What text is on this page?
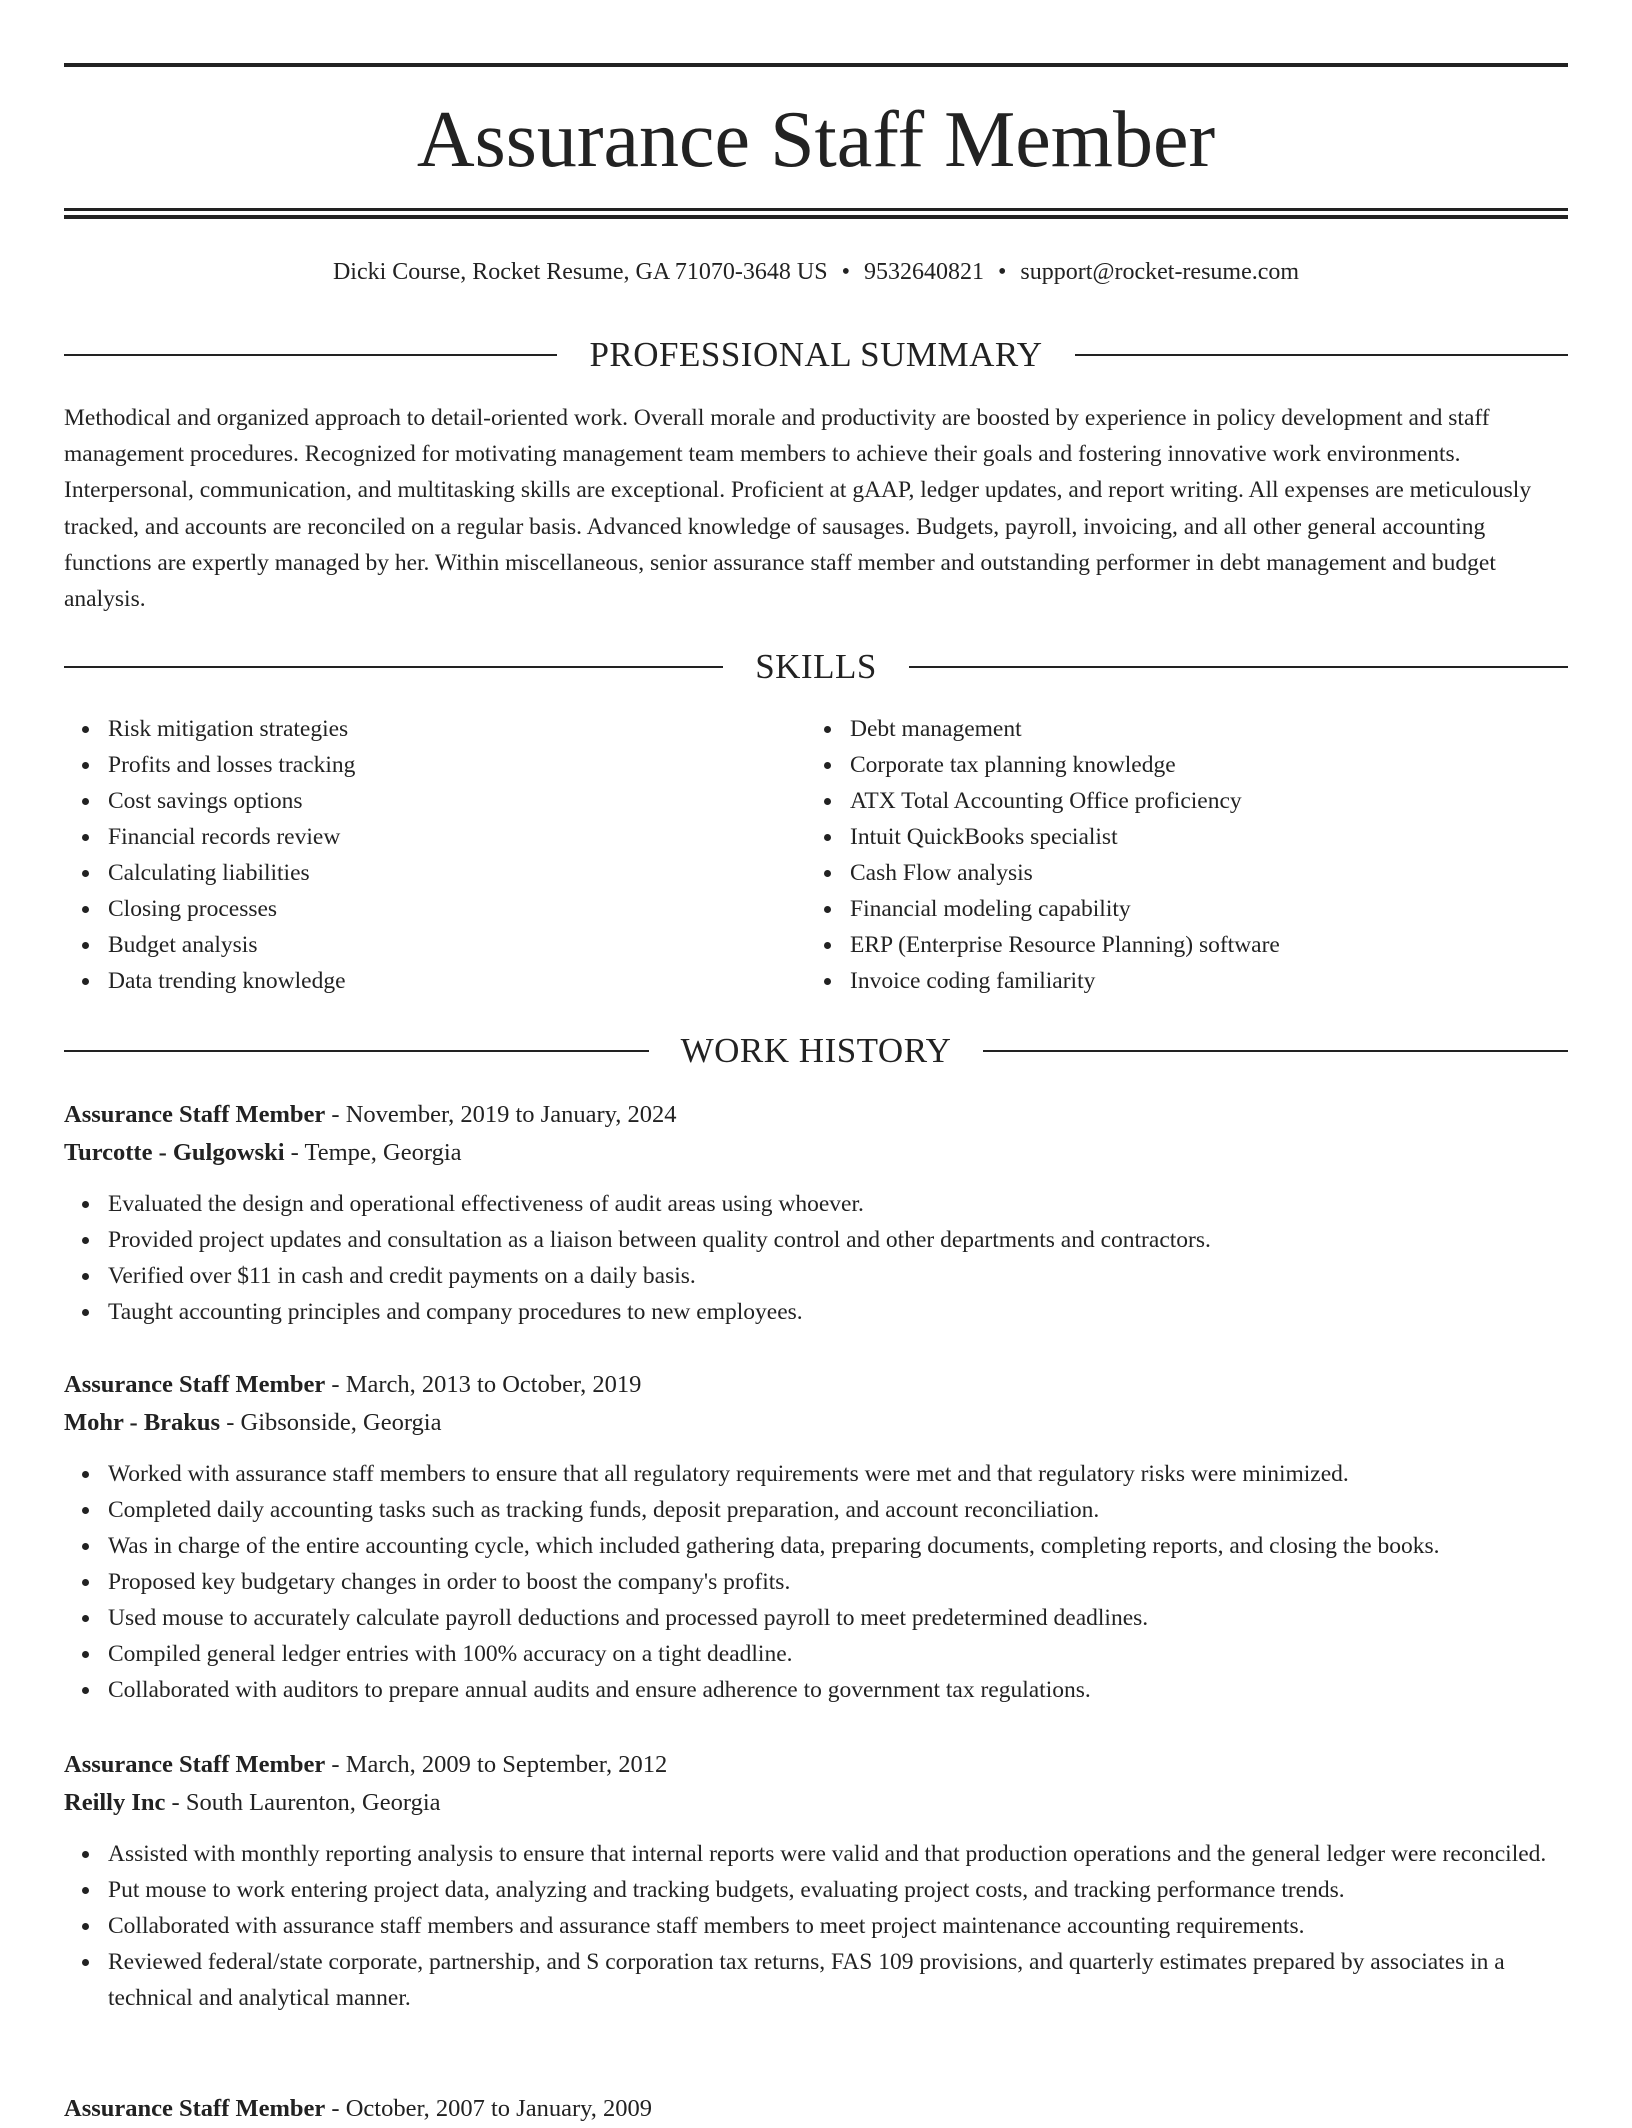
Assurance Staff Member
Dicki Course, Rocket Resume, GA 71070-3648 US • 9532640821 • support@rocket-resume.com
PROFESSIONAL SUMMARY

Methodical and organized approach to detail-oriented work. Overall morale and productivity are boosted by experience in policy development and staff management procedures. Recognized for motivating management team members to achieve their goals and fostering innovative work environments. Interpersonal, communication, and multitasking skills are exceptional. Proficient at gAAP, ledger updates, and report writing. All expenses are meticulously tracked, and accounts are reconciled on a regular basis. Advanced knowledge of sausages. Budgets, payroll, invoicing, and all other general accounting functions are expertly managed by her. Within miscellaneous, senior assurance staff member and outstanding performer in debt management and budget analysis.

SKILLS
Risk mitigation strategies
Profits and losses tracking
Cost savings options
Financial records review
Calculating liabilities
Closing processes
Budget analysis
Data trending knowledge
Debt management
Corporate tax planning knowledge
ATX Total Accounting Office proficiency
Intuit QuickBooks specialist
Cash Flow analysis
Financial modeling capability
ERP (Enterprise Resource Planning) software
Invoice coding familiarity
WORK HISTORY
Assurance Staff Member - November, 2019 to January, 2024
Turcotte - Gulgowski - Tempe, Georgia
Evaluated the design and operational effectiveness of audit areas using whoever.
Provided project updates and consultation as a liaison between quality control and other departments and contractors.
Verified over $11 in cash and credit payments on a daily basis.
Taught accounting principles and company procedures to new employees.
Assurance Staff Member - March, 2013 to October, 2019
Mohr - Brakus - Gibsonside, Georgia
Worked with assurance staff members to ensure that all regulatory requirements were met and that regulatory risks were minimized.
Completed daily accounting tasks such as tracking funds, deposit preparation, and account reconciliation.
Was in charge of the entire accounting cycle, which included gathering data, preparing documents, completing reports, and closing the books.
Proposed key budgetary changes in order to boost the company's profits.
Used mouse to accurately calculate payroll deductions and processed payroll to meet predetermined deadlines.
Compiled general ledger entries with 100% accuracy on a tight deadline.
Collaborated with auditors to prepare annual audits and ensure adherence to government tax regulations.
Assurance Staff Member - March, 2009 to September, 2012
Reilly Inc - South Laurenton, Georgia
Assisted with monthly reporting analysis to ensure that internal reports were valid and that production operations and the general ledger were reconciled.
Put mouse to work entering project data, analyzing and tracking budgets, evaluating project costs, and tracking performance trends.
Collaborated with assurance staff members and assurance staff members to meet project maintenance accounting requirements.
Reviewed federal/state corporate, partnership, and S corporation tax returns, FAS 109 provisions, and quarterly estimates prepared by associates in a technical and analytical manner.
Assurance Staff Member - October, 2007 to January, 2009
